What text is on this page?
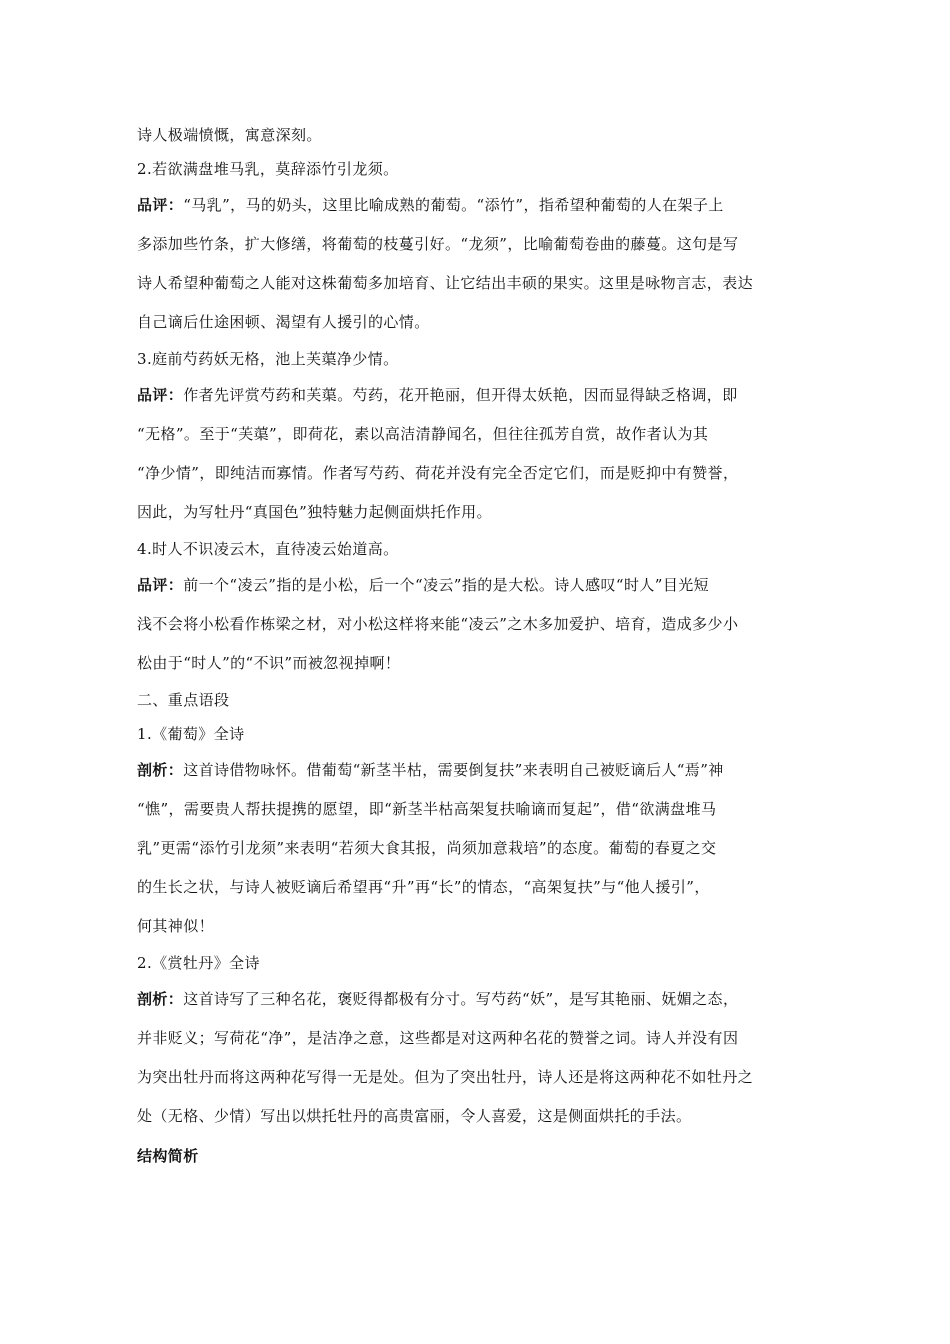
诗人极端愤慨，寓意深刻。
2.若欲满盘堆马乳，莫辞添竹引龙须。
品评：“马乳”，马的奶头，这里比喻成熟的葡萄。“添竹”，指希望种葡萄的人在架子上
多添加些竹条，扩大修缮，将葡萄的枝蔓引好。“龙须”，比喻葡萄卷曲的藤蔓。这句是写
诗人希望种葡萄之人能对这株葡萄多加培育、让它结出丰硕的果实。这里是咏物言志，表达
自己谪后仕途困顿、渴望有人援引的心情。
3.庭前芍药妖无格，池上芙蕖净少情。
品评：作者先评赏芍药和芙蕖。芍药，花开艳丽，但开得太妖艳，因而显得缺乏格调，即
“无格”。至于“芙蕖”，即荷花，素以高洁清静闻名，但往往孤芳自赏，故作者认为其
“净少情”，即纯洁而寡情。作者写芍药、荷花并没有完全否定它们，而是贬抑中有赞誉，
因此，为写牡丹“真国色”独特魅力起侧面烘托作用。
4.时人不识凌云木，直待凌云始道高。
品评：前一个“凌云”指的是小松，后一个“凌云”指的是大松。诗人感叹“时人”目光短
浅不会将小松看作栋梁之材，对小松这样将来能“凌云”之木多加爱护、培育，造成多少小
松由于“时人”的“不识”而被忽视掉啊！
二、重点语段
1.《葡萄》全诗
剖析：这首诗借物咏怀。借葡萄“新茎半枯，需要倒复扶”来表明自己被贬谪后人“焉”神
“憔”，需要贵人帮扶提携的愿望，即“新茎半枯高架复扶喻谪而复起”，借“欲满盘堆马
乳”更需“添竹引龙须”来表明“若须大食其报，尚须加意栽培”的态度。葡萄的春夏之交
的生长之状，与诗人被贬谪后希望再“升”再“长”的情态，“高架复扶”与“他人援引”，
何其神似！
2.《赏牡丹》全诗
剖析：这首诗写了三种名花，褒贬得都极有分寸。写芍药“妖”，是写其艳丽、妩媚之态，
并非贬义；写荷花“净”，是洁净之意，这些都是对这两种名花的赞誉之词。诗人并没有因
为突出牡丹而将这两种花写得一无是处。但为了突出牡丹，诗人还是将这两种花不如牡丹之
处（无格、少情）写出以烘托牡丹的高贵富丽，令人喜爱，这是侧面烘托的手法。
结构简析
